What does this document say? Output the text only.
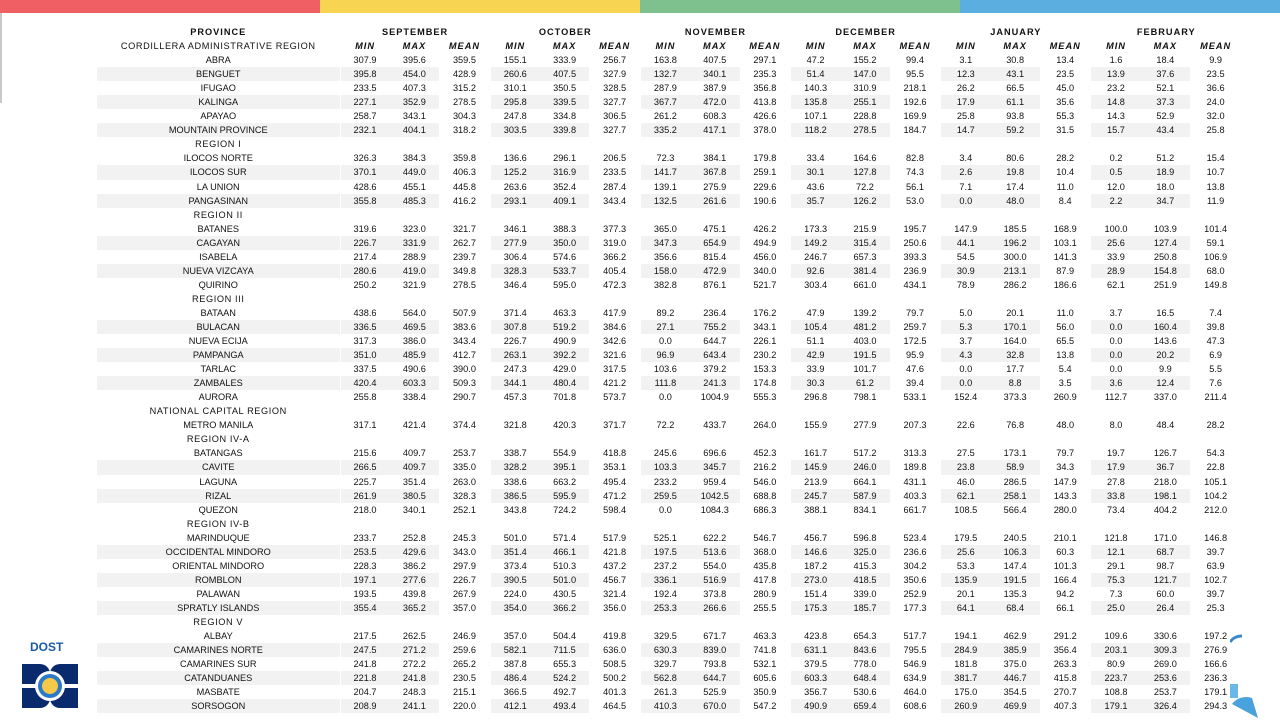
PROVINCE	SEPTEMBER			OCTOBER			NOVEMBER			DECEMBER			JANUARY			FEBRUARY		
CORDILLERA ADMINISTRATIVE REGION	MIN	MAX	MEAN	MIN	MAX	MEAN	MIN	MAX	MEAN	MIN	MAX	MEAN	MIN	MAX	MEAN	MIN	MAX	MEAN
ABRA	307.9	395.6	359.5	155.1	333.9	256.7	163.8	407.5	297.1	47.2	155.2	99.4	3.1	30.8	13.4	1.6	18.4	9.9
BENGUET	395.8	454.0	428.9	260.6	407.5	327.9	132.7	340.1	235.3	51.4	147.0	95.5	12.3	43.1	23.5	13.9	37.6	23.5
IFUGAO	233.5	407.3	315.2	310.1	350.5	328.5	287.9	387.9	356.8	140.3	310.9	218.1	26.2	66.5	45.0	23.2	52.1	36.6
KALINGA	227.1	352.9	278.5	295.8	339.5	327.7	367.7	472.0	413.8	135.8	255.1	192.6	17.9	61.1	35.6	14.8	37.3	24.0
APAYAO	258.7	343.1	304.3	247.8	334.8	306.5	261.2	608.3	426.6	107.1	228.8	169.9	25.8	93.8	55.3	14.3	52.9	32.0
MOUNTAIN PROVINCE	232.1	404.1	318.2	303.5	339.8	327.7	335.2	417.1	378.0	118.2	278.5	184.7	14.7	59.2	31.5	15.7	43.4	25.8
REGION I																		
ILOCOS NORTE	326.3	384.3	359.8	136.6	296.1	206.5	72.3	384.1	179.8	33.4	164.6	82.8	3.4	80.6	28.2	0.2	51.2	15.4
ILOCOS SUR	370.1	449.0	406.3	125.2	316.9	233.5	141.7	367.8	259.1	30.1	127.8	74.3	2.6	19.8	10.4	0.5	18.9	10.7
LA UNION	428.6	455.1	445.8	263.6	352.4	287.4	139.1	275.9	229.6	43.6	72.2	56.1	7.1	17.4	11.0	12.0	18.0	13.8
PANGASINAN	355.8	485.3	416.2	293.1	409.1	343.4	132.5	261.6	190.6	35.7	126.2	53.0	0.0	48.0	8.4	2.2	34.7	11.9
REGION II																		
BATANES	319.6	323.0	321.7	346.1	388.3	377.3	365.0	475.1	426.2	173.3	215.9	195.7	147.9	185.5	168.9	100.0	103.9	101.4
CAGAYAN	226.7	331.9	262.7	277.9	350.0	319.0	347.3	654.9	494.9	149.2	315.4	250.6	44.1	196.2	103.1	25.6	127.4	59.1
ISABELA	217.4	288.9	239.7	306.4	574.6	366.2	356.6	815.4	456.0	246.7	657.3	393.3	54.5	300.0	141.3	33.9	250.8	106.9
NUEVA VIZCAYA	280.6	419.0	349.8	328.3	533.7	405.4	158.0	472.9	340.0	92.6	381.4	236.9	30.9	213.1	87.9	28.9	154.8	68.0
QUIRINO	250.2	321.9	278.5	346.4	595.0	472.3	382.8	876.1	521.7	303.4	661.0	434.1	78.9	286.2	186.6	62.1	251.9	149.8
REGION III																		
BATAAN	438.6	564.0	507.9	371.4	463.3	417.9	89.2	236.4	176.2	47.9	139.2	79.7	5.0	20.1	11.0	3.7	16.5	7.4
BULACAN	336.5	469.5	383.6	307.8	519.2	384.6	27.1	755.2	343.1	105.4	481.2	259.7	5.3	170.1	56.0	0.0	160.4	39.8
NUEVA ECIJA	317.3	386.0	343.4	226.7	490.9	342.6	0.0	644.7	226.1	51.1	403.0	172.5	3.7	164.0	65.5	0.0	143.6	47.3
PAMPANGA	351.0	485.9	412.7	263.1	392.2	321.6	96.9	643.4	230.2	42.9	191.5	95.9	4.3	32.8	13.8	0.0	20.2	6.9
TARLAC	337.5	490.6	390.0	247.3	429.0	317.5	103.6	379.2	153.3	33.9	101.7	47.6	0.0	17.7	5.4	0.0	9.9	5.5
ZAMBALES	420.4	603.3	509.3	344.1	480.4	421.2	111.8	241.3	174.8	30.3	61.2	39.4	0.0	8.8	3.5	3.6	12.4	7.6
AURORA	255.8	338.4	290.7	457.3	701.8	573.7	0.0	1004.9	555.3	296.8	798.1	533.1	152.4	373.3	260.9	112.7	337.0	211.4
NATIONAL CAPITAL REGION																		
METRO MANILA	317.1	421.4	374.4	321.8	420.3	371.7	72.2	433.7	264.0	155.9	277.9	207.3	22.6	76.8	48.0	8.0	48.4	28.2
REGION IV-A																		
BATANGAS	215.6	409.7	253.7	338.7	554.9	418.8	245.6	696.6	452.3	161.7	517.2	313.3	27.5	173.1	79.7	19.7	126.7	54.3
CAVITE	266.5	409.7	335.0	328.2	395.1	353.1	103.3	345.7	216.2	145.9	246.0	189.8	23.8	58.9	34.3	17.9	36.7	22.8
LAGUNA	225.7	351.4	263.0	338.6	663.2	495.4	233.2	959.4	546.0	213.9	664.1	431.1	46.0	286.5	147.9	27.8	218.0	105.1
RIZAL	261.9	380.5	328.3	386.5	595.9	471.2	259.5	1042.5	688.8	245.7	587.9	403.3	62.1	258.1	143.3	33.8	198.1	104.2
QUEZON	218.0	340.1	252.1	343.8	724.2	598.4	0.0	1084.3	686.3	388.1	834.1	661.7	108.5	566.4	280.0	73.4	404.2	212.0
REGION IV-B																		
MARINDUQUE	233.7	252.8	245.3	501.0	571.4	517.9	525.1	622.2	546.7	456.7	596.8	523.4	179.5	240.5	210.1	121.8	171.0	146.8
OCCIDENTAL MINDORO	253.5	429.6	343.0	351.4	466.1	421.8	197.5	513.6	368.0	146.6	325.0	236.6	25.6	106.3	60.3	12.1	68.7	39.7
ORIENTAL MINDORO	228.3	386.2	297.9	373.4	510.3	437.2	237.2	554.0	435.8	187.2	415.3	304.2	53.3	147.4	101.3	29.1	98.7	63.9
ROMBLON	197.1	277.6	226.7	390.5	501.0	456.7	336.1	516.9	417.8	273.0	418.5	350.6	135.9	191.5	166.4	75.3	121.7	102.7
PALAWAN	193.5	439.8	267.9	224.0	430.5	321.4	192.4	373.8	280.9	151.4	339.0	252.9	20.1	135.3	94.2	7.3	60.0	39.7
SPRATLY ISLANDS	355.4	365.2	357.0	354.0	366.2	356.0	253.3	266.6	255.5	175.3	185.7	177.3	64.1	68.4	66.1	25.0	26.4	25.3
REGION V																		
ALBAY	217.5	262.5	246.9	357.0	504.4	419.8	329.5	671.7	463.3	423.8	654.3	517.7	194.1	462.9	291.2	109.6	330.6	197.2
CAMARINES NORTE	247.5	271.2	259.6	582.1	711.5	636.0	630.3	839.0	741.8	631.1	843.6	795.5	284.9	385.9	356.4	203.1	309.3	276.9
CAMARINES SUR	241.8	272.2	265.2	387.8	655.3	508.5	329.7	793.8	532.1	379.5	778.0	546.9	181.8	375.0	263.3	80.9	269.0	166.6
CATANDUANES	221.8	241.8	230.5	486.4	524.2	500.2	562.8	644.7	605.6	603.3	648.4	634.9	381.7	446.7	415.8	223.7	253.6	236.3
MASBATE	204.7	248.3	215.1	366.5	492.7	401.3	261.3	525.9	350.9	356.7	530.6	464.0	175.0	354.5	270.7	108.8	253.7	179.1
SORSOGON	208.9	241.1	220.0	412.1	493.4	464.5	410.3	670.0	547.2	490.9	659.4	608.6	260.9	469.9	407.3	179.1	326.4	294.3
DOST
